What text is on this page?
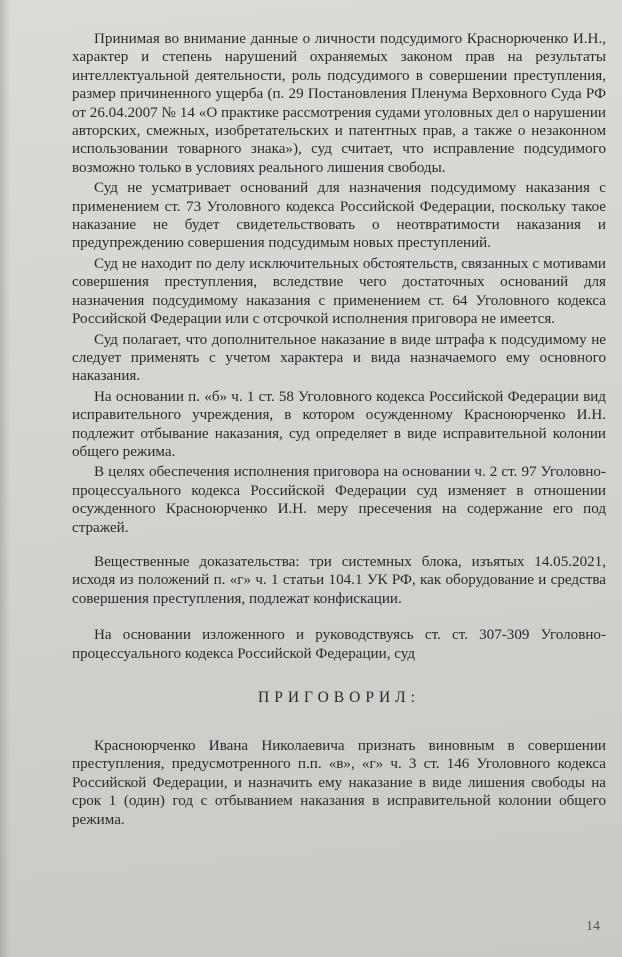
Принимая во внимание данные о личности подсудимого Краснорюченко И.Н., характер и степень нарушений охраняемых законом прав на результаты интеллектуальной деятельности, роль подсудимого в совершении преступления, размер причиненного ущерба (п. 29 Постановления Пленума Верховного Суда РФ от 26.04.2007 № 14 «О практике рассмотрения судами уголовных дел о нарушении авторских, смежных, изобретательских и патентных прав, а также о незаконном использовании товарного знака»), суд считает, что исправление подсудимого возможно только в условиях реального лишения свободы.

Суд не усматривает оснований для назначения подсудимому наказания с применением ст. 73 Уголовного кодекса Российской Федерации, поскольку такое наказание не будет свидетельствовать о неотвратимости наказания и предупреждению совершения подсудимым новых преступлений.

Суд не находит по делу исключительных обстоятельств, связанных с мотивами совершения преступления, вследствие чего достаточных оснований для назначения подсудимому наказания с применением ст. 64 Уголовного кодекса Российской Федерации или с отсрочкой исполнения приговора не имеется.

Суд полагает, что дополнительное наказание в виде штрафа к подсудимому не следует применять с учетом характера и вида назначаемого ему основного наказания.

На основании п. «б» ч. 1 ст. 58 Уголовного кодекса Российской Федерации вид исправительного учреждения, в котором осужденному Красноюрченко И.Н. подлежит отбывание наказания, суд определяет в виде исправительной колонии общего режима.

В целях обеспечения исполнения приговора на основании ч. 2 ст. 97 Уголовно-процессуального кодекса Российской Федерации суд изменяет в отношении осужденного Красноюрченко И.Н. меру пресечения на содержание его под стражей.

Вещественные доказательства: три системных блока, изъятых 14.05.2021, исходя из положений п. «г» ч. 1 статьи 104.1 УК РФ, как оборудование и средства совершения преступления, подлежат конфискации.

На основании изложенного и руководствуясь ст. ст. 307-309 Уголовно-процессуального кодекса Российской Федерации, суд

ПРИГОВОРИЛ:

Красноюрченко Ивана Николаевича признать виновным в совершении преступления, предусмотренного п.п. «в», «г» ч. 3 ст. 146 Уголовного кодекса Российской Федерации, и назначить ему наказание в виде лишения свободы на срок 1 (один) год с отбыванием наказания в исправительной колонии общего режима.

14
